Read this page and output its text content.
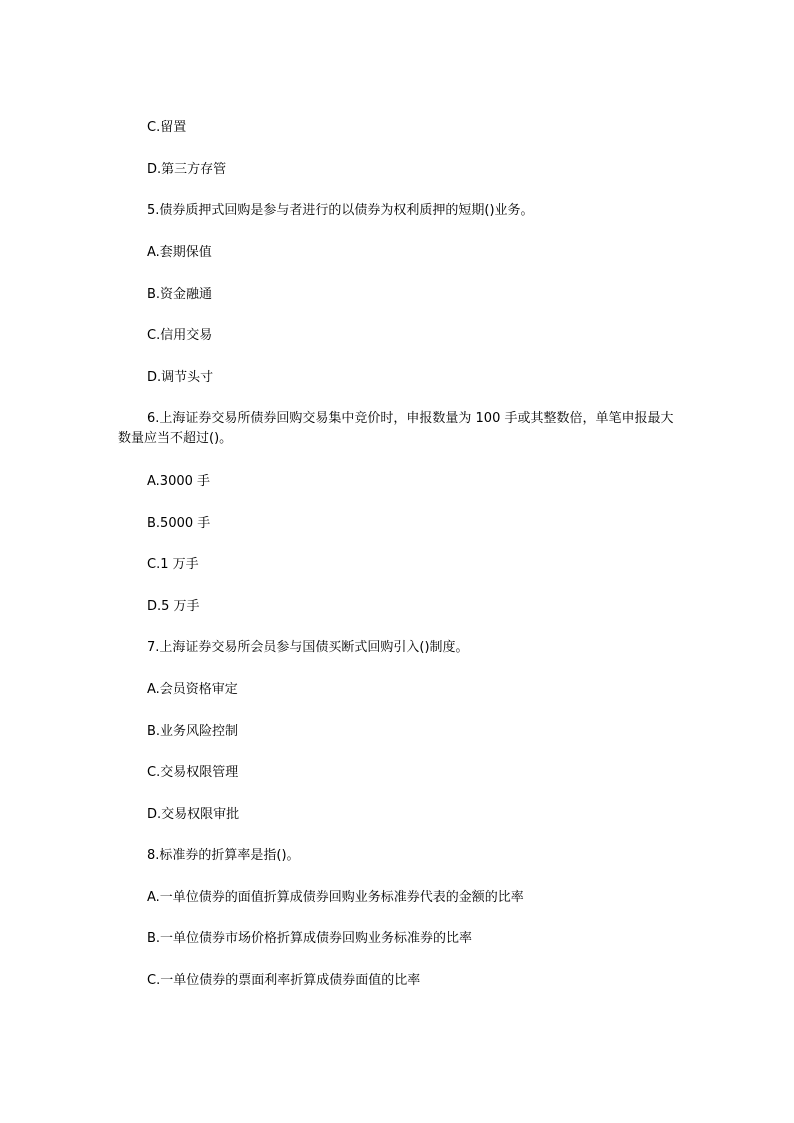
C.留置
D.第三方存管
5.债券质押式回购是参与者进行的以债券为权利质押的短期()业务。
A.套期保值
B.资金融通
C.信用交易
D.调节头寸
6.上海证券交易所债券回购交易集中竞价时，申报数量为 100 手或其整数倍，单笔申报最大数量应当不超过()。
A.3000 手
B.5000 手
C.1 万手
D.5 万手
7.上海证券交易所会员参与国债买断式回购引入()制度。
A.会员资格审定
B.业务风险控制
C.交易权限管理
D.交易权限审批
8.标准券的折算率是指()。
A.一单位债券的面值折算成债券回购业务标准券代表的金额的比率
B.一单位债券市场价格折算成债券回购业务标准券的比率
C.一单位债券的票面利率折算成债券面值的比率
